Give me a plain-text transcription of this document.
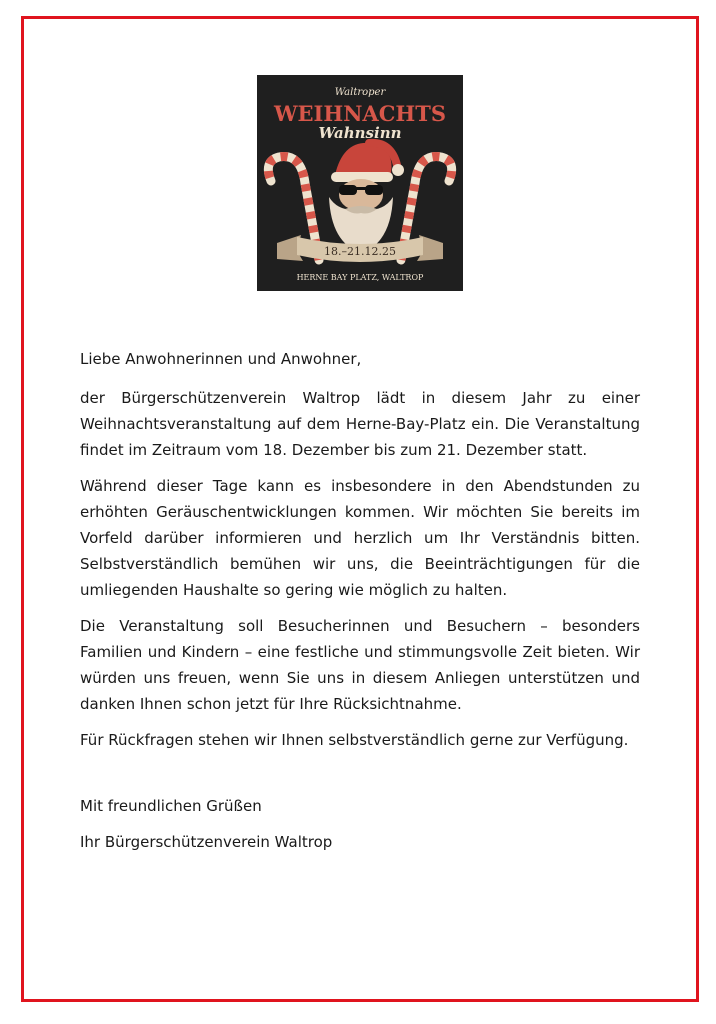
Waltroper
WEIHNACHTS
Wahnsinn
18.–21.12.25
HERNE BAY PLATZ, WALTROP

Liebe Anwohnerinnen und Anwohner,

der Bürgerschützenverein Waltrop lädt in diesem Jahr zu einer Weihnachtsveranstaltung auf dem Herne-Bay-Platz ein. Die Veranstaltung findet im Zeitraum vom 18. Dezember bis zum 21. Dezember statt.

Während dieser Tage kann es insbesondere in den Abendstunden zu erhöhten Geräuschentwicklungen kommen. Wir möchten Sie bereits im Vorfeld darüber informieren und herzlich um Ihr Verständnis bitten. Selbstverständlich bemühen wir uns, die Beeinträchtigungen für die umliegenden Haushalte so gering wie möglich zu halten.

Die Veranstaltung soll Besucherinnen und Besuchern – besonders Familien und Kindern – eine festliche und stimmungsvolle Zeit bieten. Wir würden uns freuen, wenn Sie uns in diesem Anliegen unterstützen und danken Ihnen schon jetzt für Ihre Rücksichtnahme.

Für Rückfragen stehen wir Ihnen selbstverständlich gerne zur Verfügung.

Mit freundlichen Grüßen

Ihr Bürgerschützenverein Waltrop
